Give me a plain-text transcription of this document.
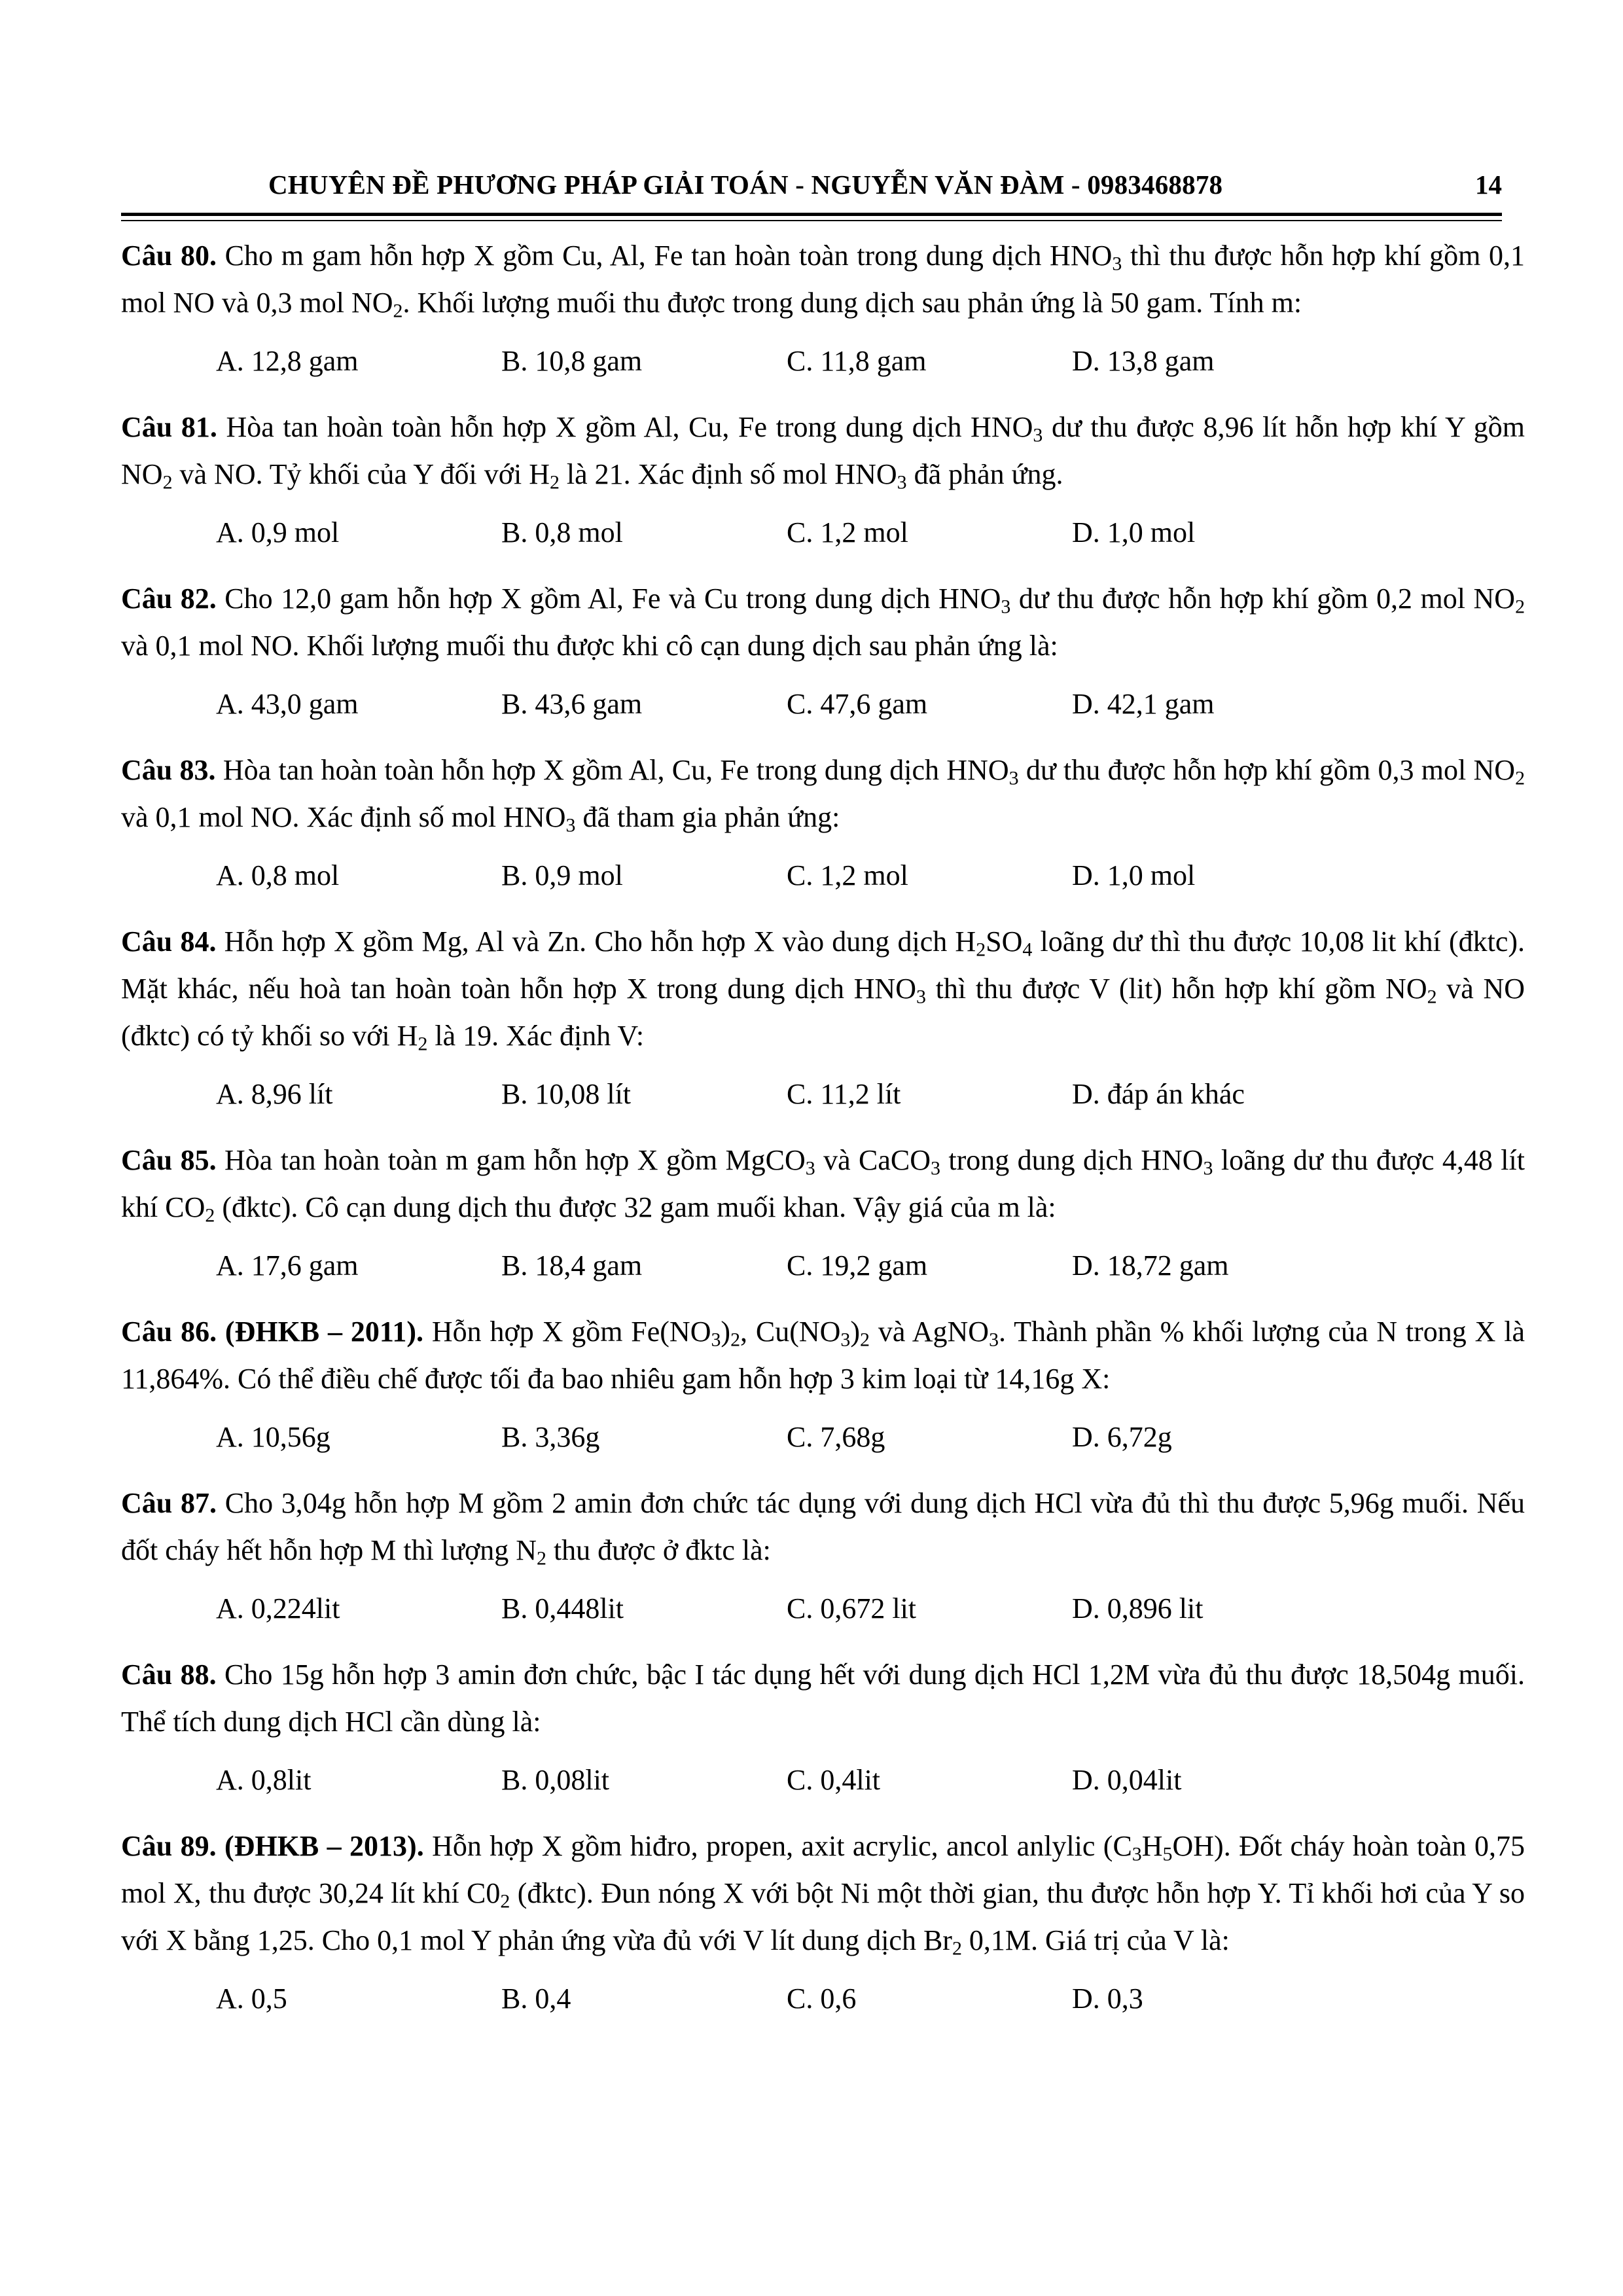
CHUYÊN ĐỀ PHƯƠNG PHÁP GIẢI TOÁN - NGUYỄN VĂN ĐÀM - 0983468878	14

Câu 80. Cho m gam hỗn hợp X gồm Cu, Al, Fe tan hoàn toàn trong dung dịch $HNO_3$ thì thu được hỗn hợp khí gồm 0,1 mol NO và 0,3 mol $NO_2$. Khối lượng muối thu được trong dung dịch sau phản ứng là 50 gam. Tính m:

A. 12,8 gam	B. 10,8 gam	C. 11,8 gam	D. 13,8 gam

Câu 81. Hòa tan hoàn toàn hỗn hợp X gồm Al, Cu, Fe trong dung dịch $HNO_3$ dư thu được 8,96 lít hỗn hợp khí Y gồm $NO_2$ và NO. Tỷ khối của Y đối với $H_2$ là 21. Xác định số mol $HNO_3$ đã phản ứng.

A. 0,9 mol	B. 0,8 mol	C. 1,2 mol	D. 1,0 mol

Câu 82. Cho 12,0 gam hỗn hợp X gồm Al, Fe và Cu trong dung dịch $HNO_3$ dư thu được hỗn hợp khí gồm 0,2 mol $NO_2$ và 0,1 mol NO. Khối lượng muối thu được khi cô cạn dung dịch sau phản ứng là:

A. 43,0 gam	B. 43,6 gam	C. 47,6 gam	D. 42,1 gam

Câu 83. Hòa tan hoàn toàn hỗn hợp X gồm Al, Cu, Fe trong dung dịch $HNO_3$ dư thu được hỗn hợp khí gồm 0,3 mol $NO_2$ và 0,1 mol NO. Xác định số mol $HNO_3$ đã tham gia phản ứng:

A. 0,8 mol	B. 0,9 mol	C. 1,2 mol	D. 1,0 mol

Câu 84. Hỗn hợp X gồm Mg, Al và Zn. Cho hỗn hợp X vào dung dịch $H_2SO_4$ loãng dư thì thu được 10,08 lit khí (đktc). Mặt khác, nếu hoà tan hoàn toàn hỗn hợp X trong dung dịch $HNO_3$ thì thu được V (lit) hỗn hợp khí gồm $NO_2$ và NO (đktc) có tỷ khối so với $H_2$ là 19. Xác định V:

A. 8,96 lít	B. 10,08 lít	C. 11,2 lít	D. đáp án khác

Câu 85. Hòa tan hoàn toàn m gam hỗn hợp X gồm MgCO$_3$ và CaCO$_3$ trong dung dịch $HNO_3$ loãng dư thu được 4,48 lít khí $CO_2$ (đktc). Cô cạn dung dịch thu được 32 gam muối khan. Vậy giá của m là:

A. 17,6 gam	B. 18,4 gam	C. 19,2 gam	D. 18,72 gam

Câu 86. (ĐHKB – 2011). Hỗn hợp X gồm $Fe(NO_3)_2$, $Cu(NO_3)_2$ và AgNO$_3$. Thành phần % khối lượng của N trong X là 11,864%. Có thể điều chế được tối đa bao nhiêu gam hỗn hợp 3 kim loại từ 14,16g X:

A. 10,56g	B. 3,36g	C. 7,68g	D. 6,72g

Câu 87. Cho 3,04g hỗn hợp M gồm 2 amin đơn chức tác dụng với dung dịch HCl vừa đủ thì thu được 5,96g muối. Nếu đốt cháy hết hỗn hợp M thì lượng $N_2$ thu được ở đktc là:

A. 0,224lit	B. 0,448lit	C. 0,672 lit	D. 0,896 lit

Câu 88. Cho 15g hỗn hợp 3 amin đơn chức, bậc I tác dụng hết với dung dịch HCl 1,2M vừa đủ thu được 18,504g muối. Thể tích dung dịch HCl cần dùng là:

A. 0,8lit	B. 0,08lit	C. 0,4lit	D. 0,04lit

Câu 89. (ĐHKB – 2013). Hỗn hợp X gồm hiđro, propen, axit acrylic, ancol anlylic $(C_3H_5OH)$. Đốt cháy hoàn toàn 0,75 mol X, thu được 30,24 lít khí $C0_2$ (đktc). Đun nóng X với bột Ni một thời gian, thu được hỗn hợp Y. Tỉ khối hơi của Y so với X bằng 1,25. Cho 0,1 mol Y phản ứng vừa đủ với V lít dung dịch $Br_2$ 0,1M. Giá trị của V là:

A. 0,5	B. 0,4	C. 0,6	D. 0,3
